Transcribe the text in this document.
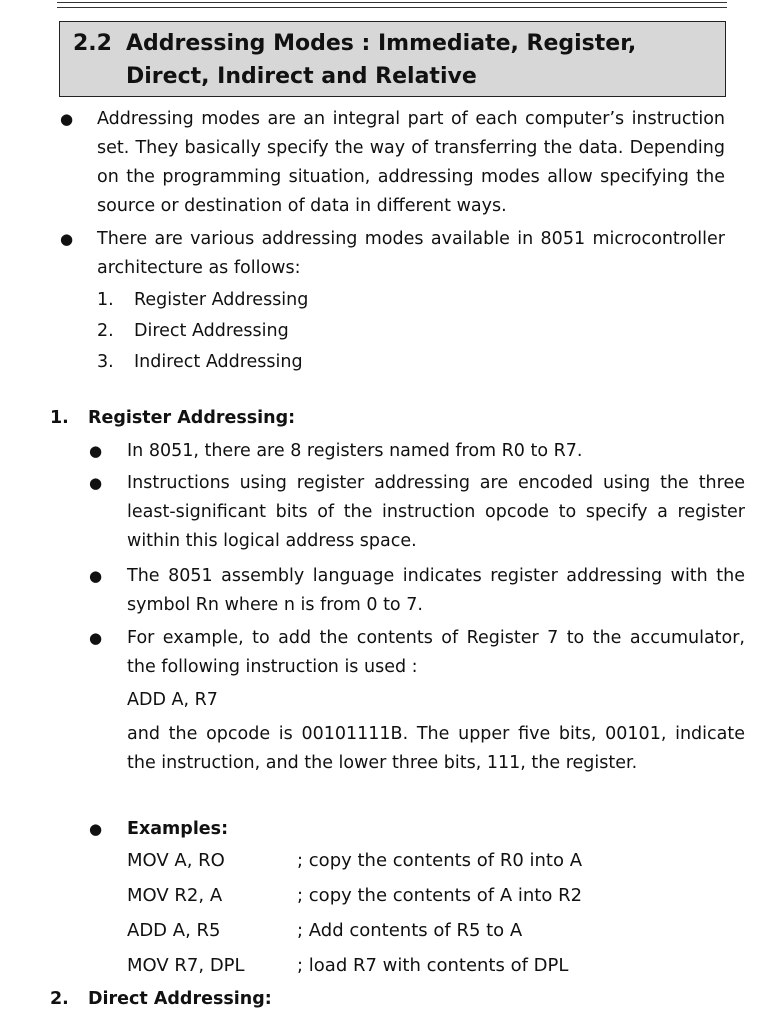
2.2 Addressing Modes : Immediate, Register,
Direct, Indirect and Relative
● Addressing modes are an integral part of each computer’s instruction set. They basically specify the way of transferring the data. Depending on the programming situation, addressing modes allow specifying the source or destination of data in different ways.
● There are various addressing modes available in 8051 microcontroller architecture as follows:
1. Register Addressing
2. Direct Addressing
3. Indirect Addressing
1. Register Addressing:
● In 8051, there are 8 registers named from R0 to R7.
● Instructions using register addressing are encoded using the three least-significant bits of the instruction opcode to specify a register within this logical address space.
● The 8051 assembly language indicates register addressing with the symbol Rn where n is from 0 to 7.
● For example, to add the contents of Register 7 to the accumulator, the following instruction is used :
ADD A, R7
and the opcode is 00101111B. The upper five bits, 00101, indicate the instruction, and the lower three bits, 111, the register.
● Examples:
MOV A, RO	; copy the contents of R0 into A
MOV R2, A	; copy the contents of A into R2
ADD A, R5	; Add contents of R5 to A
MOV R7, DPL	; load R7 with contents of DPL
2. Direct Addressing:
